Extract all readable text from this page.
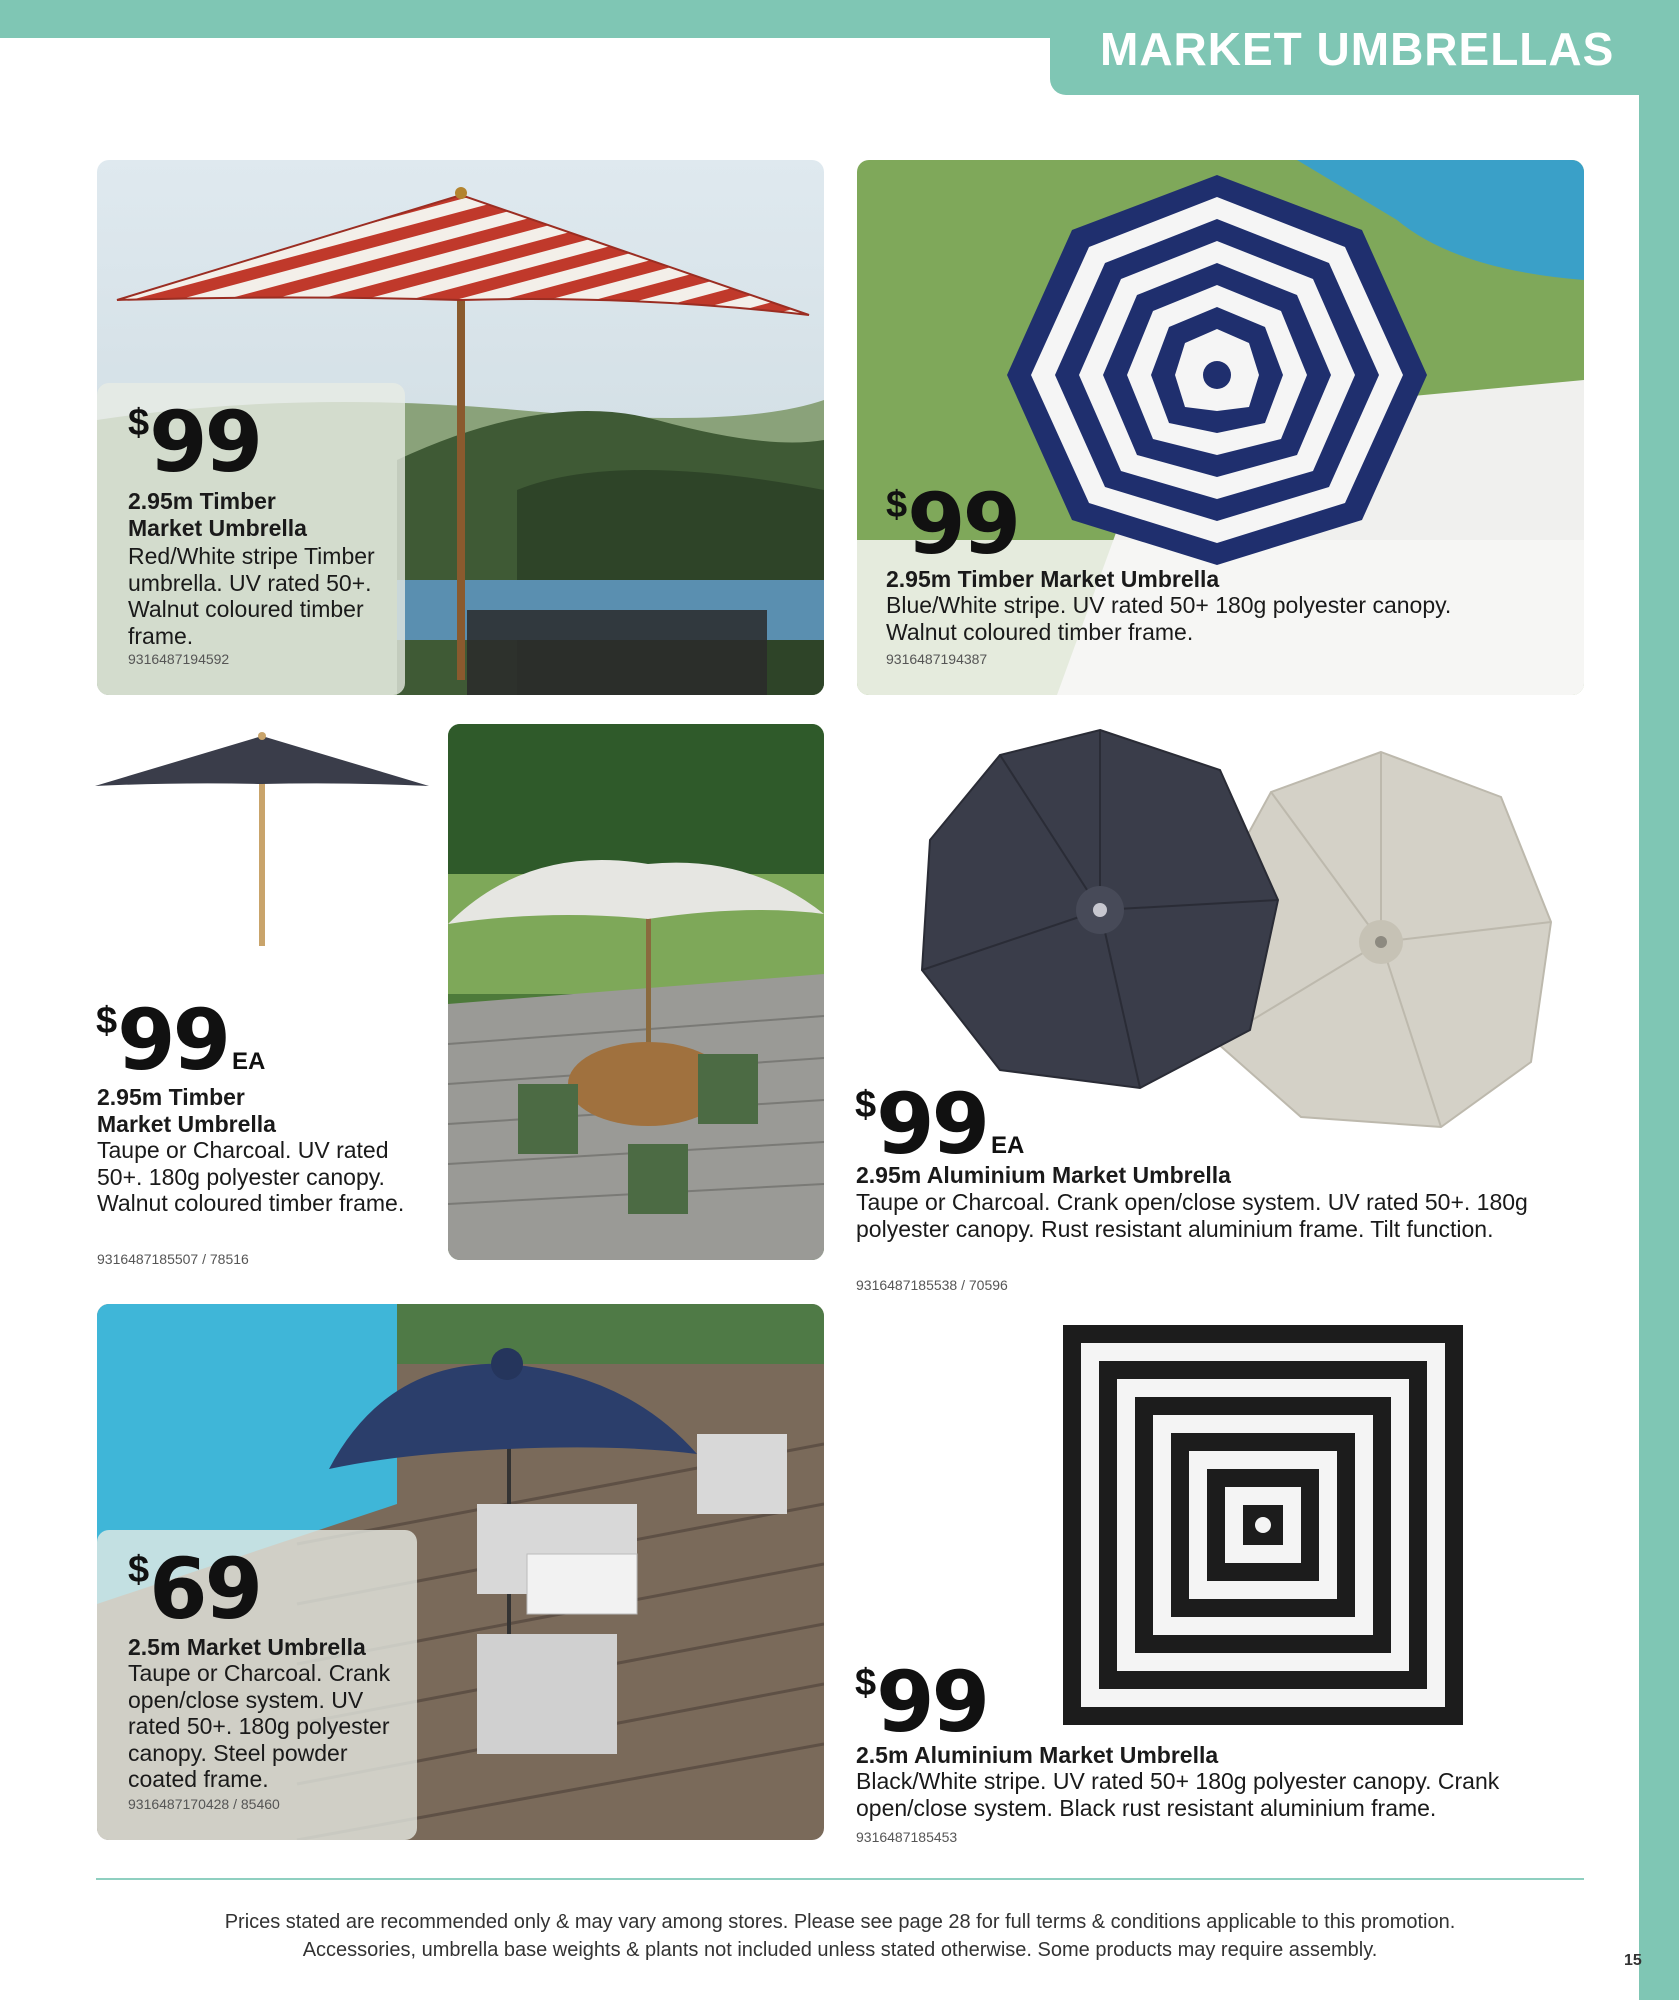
MARKET UMBRELLAS
$99
2.95m Timber Market Umbrella
Red/White stripe Timber umbrella. UV rated 50+. Walnut coloured timber frame.
9316487194592
$99
2.95m Timber Market Umbrella
Blue/White stripe. UV rated 50+ 180g polyester canopy. Walnut coloured timber frame.
9316487194387
$99 EA
2.95m Timber Market Umbrella
Taupe or Charcoal. UV rated 50+. 180g polyester canopy. Walnut coloured timber frame.
9316487185507 / 78516
$99 EA
2.95m Aluminium Market Umbrella
Taupe or Charcoal. Crank open/close system. UV rated 50+. 180g polyester canopy. Rust resistant aluminium frame. Tilt function.
9316487185538 / 70596
$69
2.5m Market Umbrella
Taupe or Charcoal. Crank open/close system. UV rated 50+. 180g polyester canopy. Steel powder coated frame.
9316487170428 / 85460
$99
2.5m Aluminium Market Umbrella
Black/White stripe. UV rated 50+ 180g polyester canopy. Crank open/close system. Black rust resistant aluminium frame.
9316487185453
Prices stated are recommended only & may vary among stores. Please see page 28 for full terms & conditions applicable to this promotion.
Accessories, umbrella base weights & plants not included unless stated otherwise. Some products may require assembly.	15
